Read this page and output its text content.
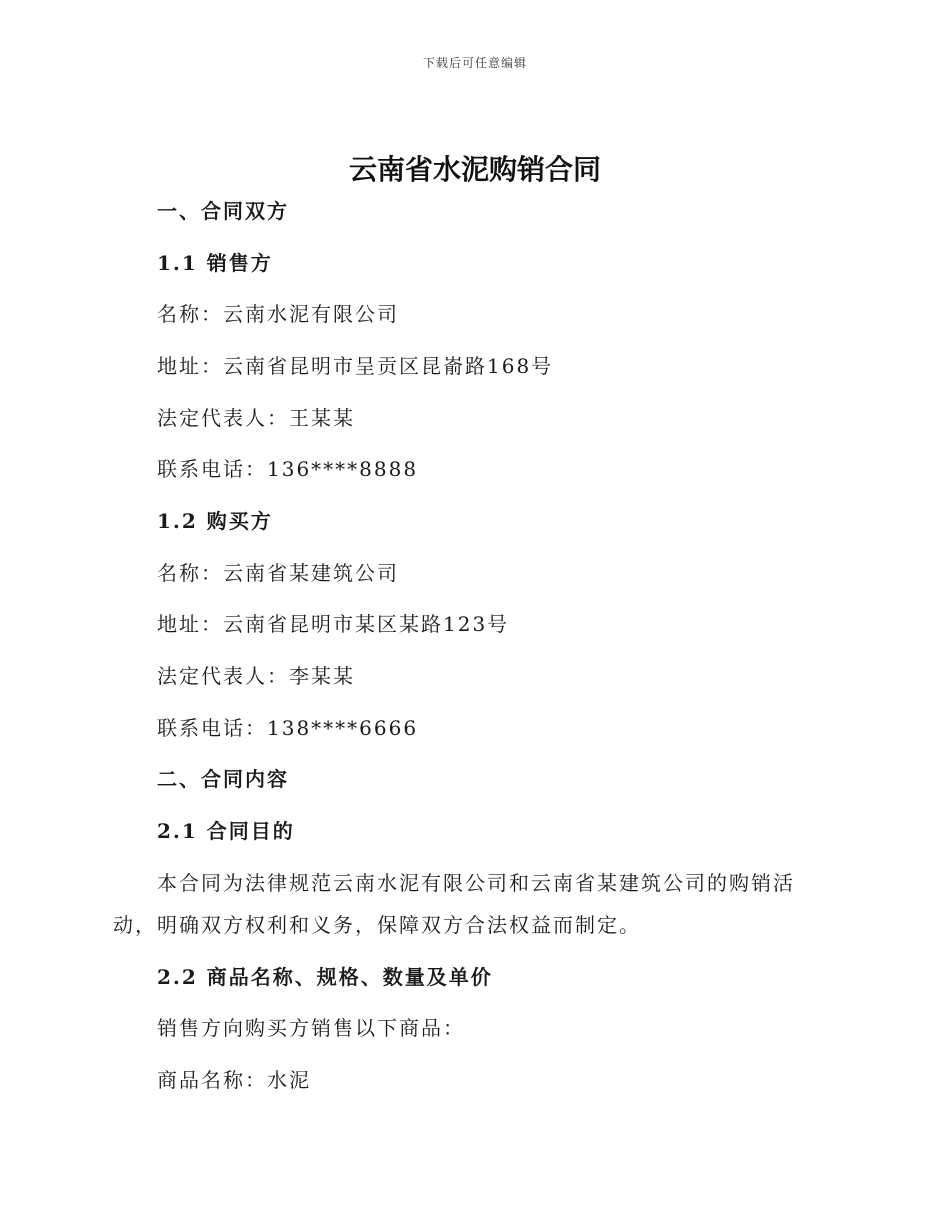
下载后可任意编辑
云南省水泥购销合同
一、合同双方
1.1 销售方
名称：云南水泥有限公司
地址：云南省昆明市呈贡区昆嵛路168号
法定代表人：王某某
联系电话：136****8888
1.2 购买方
名称：云南省某建筑公司
地址：云南省昆明市某区某路123号
法定代表人：李某某
联系电话：138****6666
二、合同内容
2.1 合同目的
本合同为法律规范云南水泥有限公司和云南省某建筑公司的购销活动，明确双方权利和义务，保障双方合法权益而制定。
2.2 商品名称、规格、数量及单价
销售方向购买方销售以下商品：
商品名称：水泥
